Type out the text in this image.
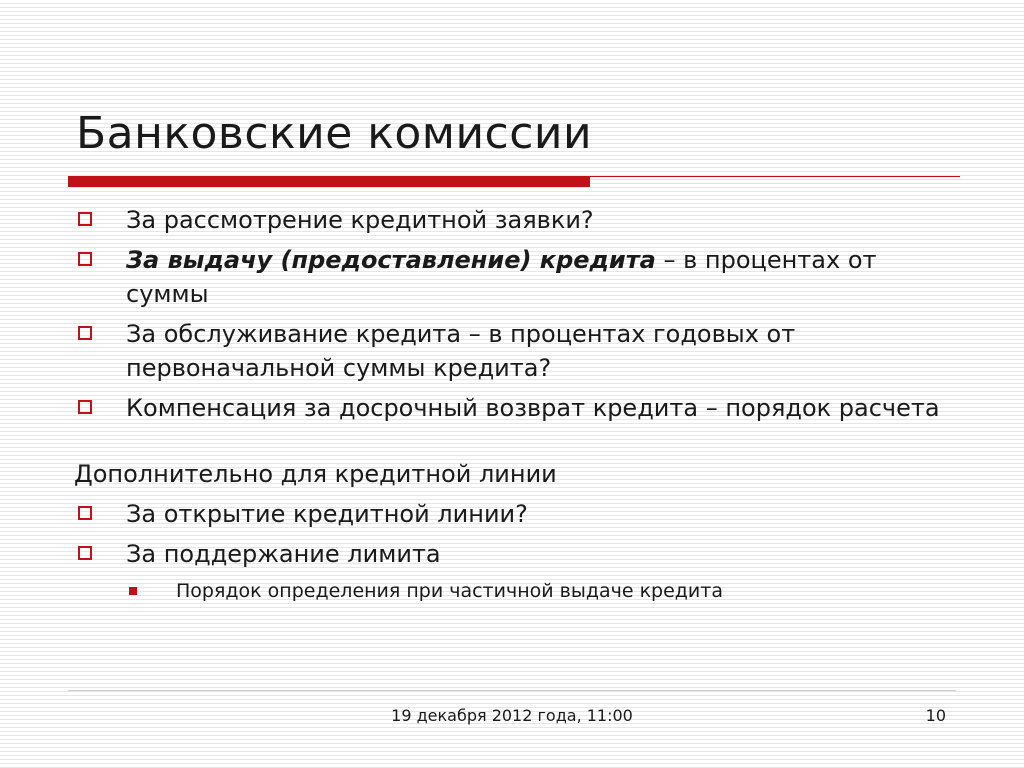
Банковские комиссии
За рассмотрение кредитной заявки?
За выдачу (предоставление) кредита – в процентах от суммы
За обслуживание кредита – в процентах годовых от первоначальной суммы кредита?
Компенсация за досрочный возврат кредита – порядок расчета
Дополнительно для кредитной линии
За открытие кредитной линии?
За поддержание лимита
Порядок определения при частичной выдаче кредита
19 декабря 2012 года, 11:00	10
